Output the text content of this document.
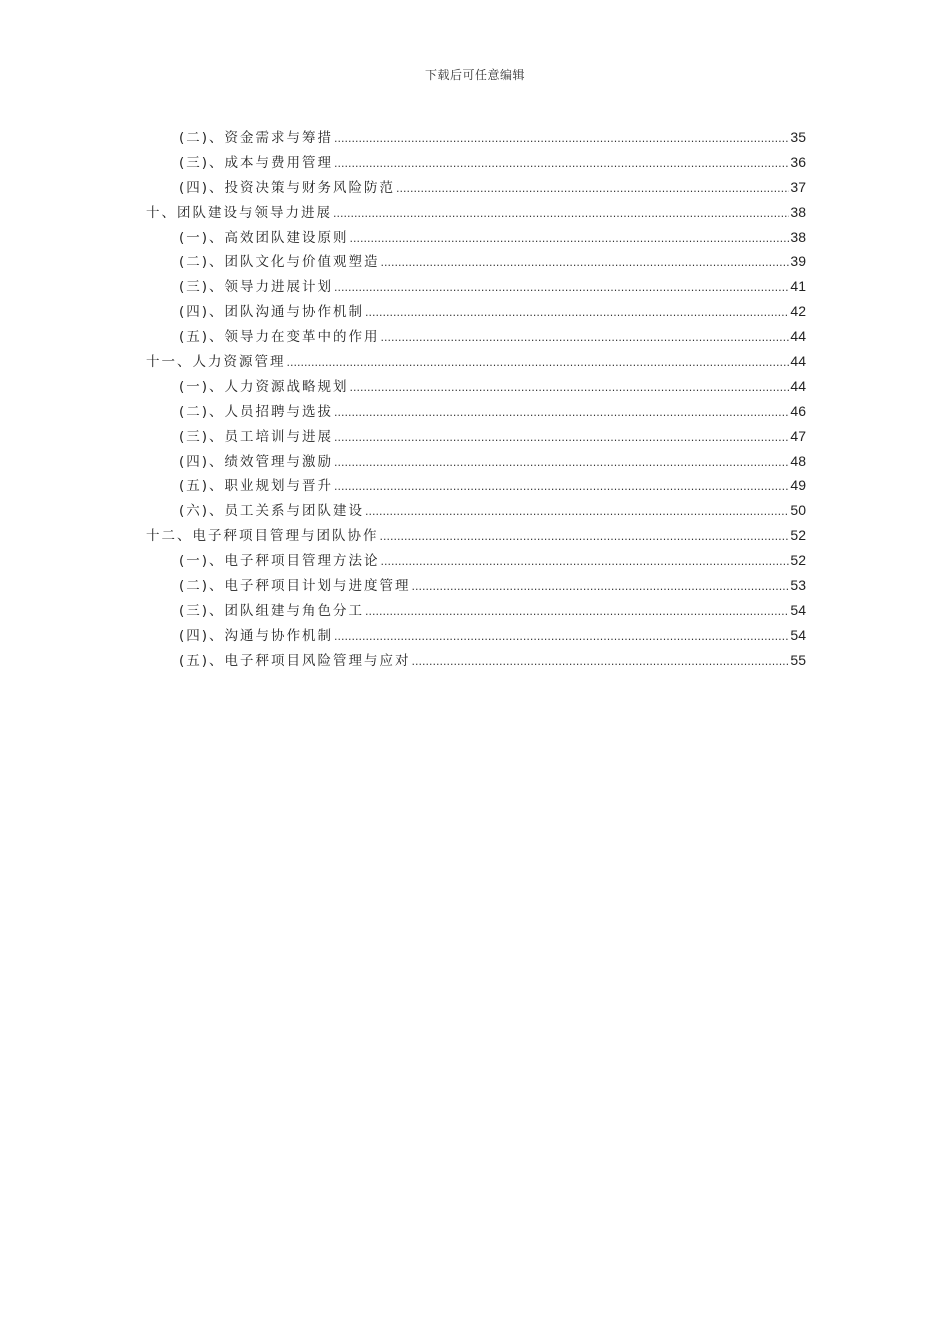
下载后可任意编辑
(二)、资金需求与筹措 .....	35
(三)、成本与费用管理 .....	36
(四)、投资决策与财务风险防范 .....	37
十、团队建设与领导力进展 .....	38
(一)、高效团队建设原则 .....	38
(二)、团队文化与价值观塑造 .....	39
(三)、领导力进展计划 .....	41
(四)、团队沟通与协作机制 .....	42
(五)、领导力在变革中的作用 .....	44
十一、人力资源管理 .....	44
(一)、人力资源战略规划 .....	44
(二)、人员招聘与选拔 .....	46
(三)、员工培训与进展 .....	47
(四)、绩效管理与激励 .....	48
(五)、职业规划与晋升 .....	49
(六)、员工关系与团队建设 .....	50
十二、电子秤项目管理与团队协作 .....	52
(一)、电子秤项目管理方法论 .....	52
(二)、电子秤项目计划与进度管理 .....	53
(三)、团队组建与角色分工 .....	54
(四)、沟通与协作机制 .....	54
(五)、电子秤项目风险管理与应对 .....	55
